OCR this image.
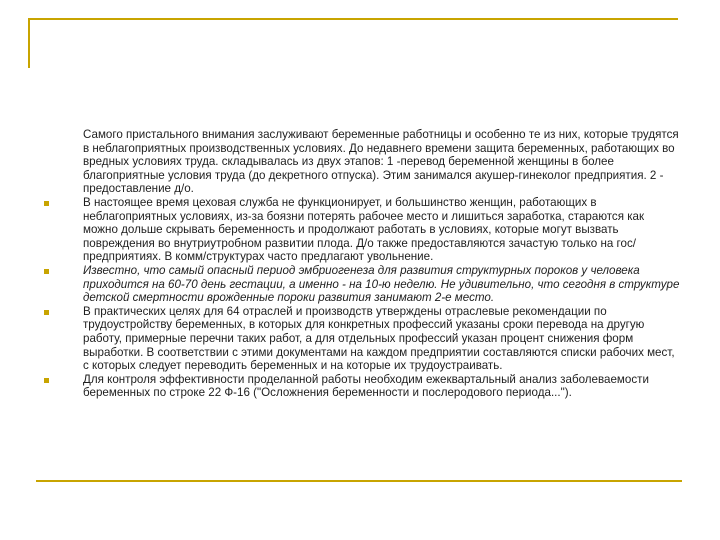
Самого пристального внимания заслуживают беременные работницы и особенно те из них, которые трудятся в неблагоприятных производственных условиях. До недавнего времени защита беременных, работающих во вредных условиях труда. складывалась из двух этапов: 1 -перевод беременной женщины в более благоприятные условия труда (до декретного отпуска). Этим занимался акушер-гинеколог предприятия. 2 - предоставление д/о.

В настоящее время цеховая служба не функционирует, и большинство женщин, работающих в неблагоприятных условиях, из-за боязни потерять рабочее место и лишиться заработка, стараются как можно дольше скрывать беременность и продолжают работать в условиях, которые могут вызвать повреждения во внутриутробном развитии плода. Д/о также предоставляются зачастую только на гос/предприятиях. В комм/структурах часто предлагают увольнение.

Известно, что самый опасный период эмбриогенеза для развития структурных пороков у человека приходится на 60-70 день гестации, а именно - на 10-ю неделю. Не удивительно, что сегодня в структуре детской смертности врожденные пороки развития занимают 2-е место.

В практических целях для 64 отраслей и производств утверждены отраслевые рекомендации по трудоустройству беременных, в которых для конкретных профессий указаны сроки перевода на другую работу, примерные перечни таких работ, а для отдельных профессий указан процент снижения форм выработки. В соответствии с этими документами на каждом предприятии составляются списки рабочих мест, с которых следует переводить беременных и на которые их трудоустраивать.

Для контроля эффективности проделанной работы необходим ежеквартальный анализ заболеваемости беременных по строке 22 Ф-16 ("Осложнения беременности и послеродового периода...").
